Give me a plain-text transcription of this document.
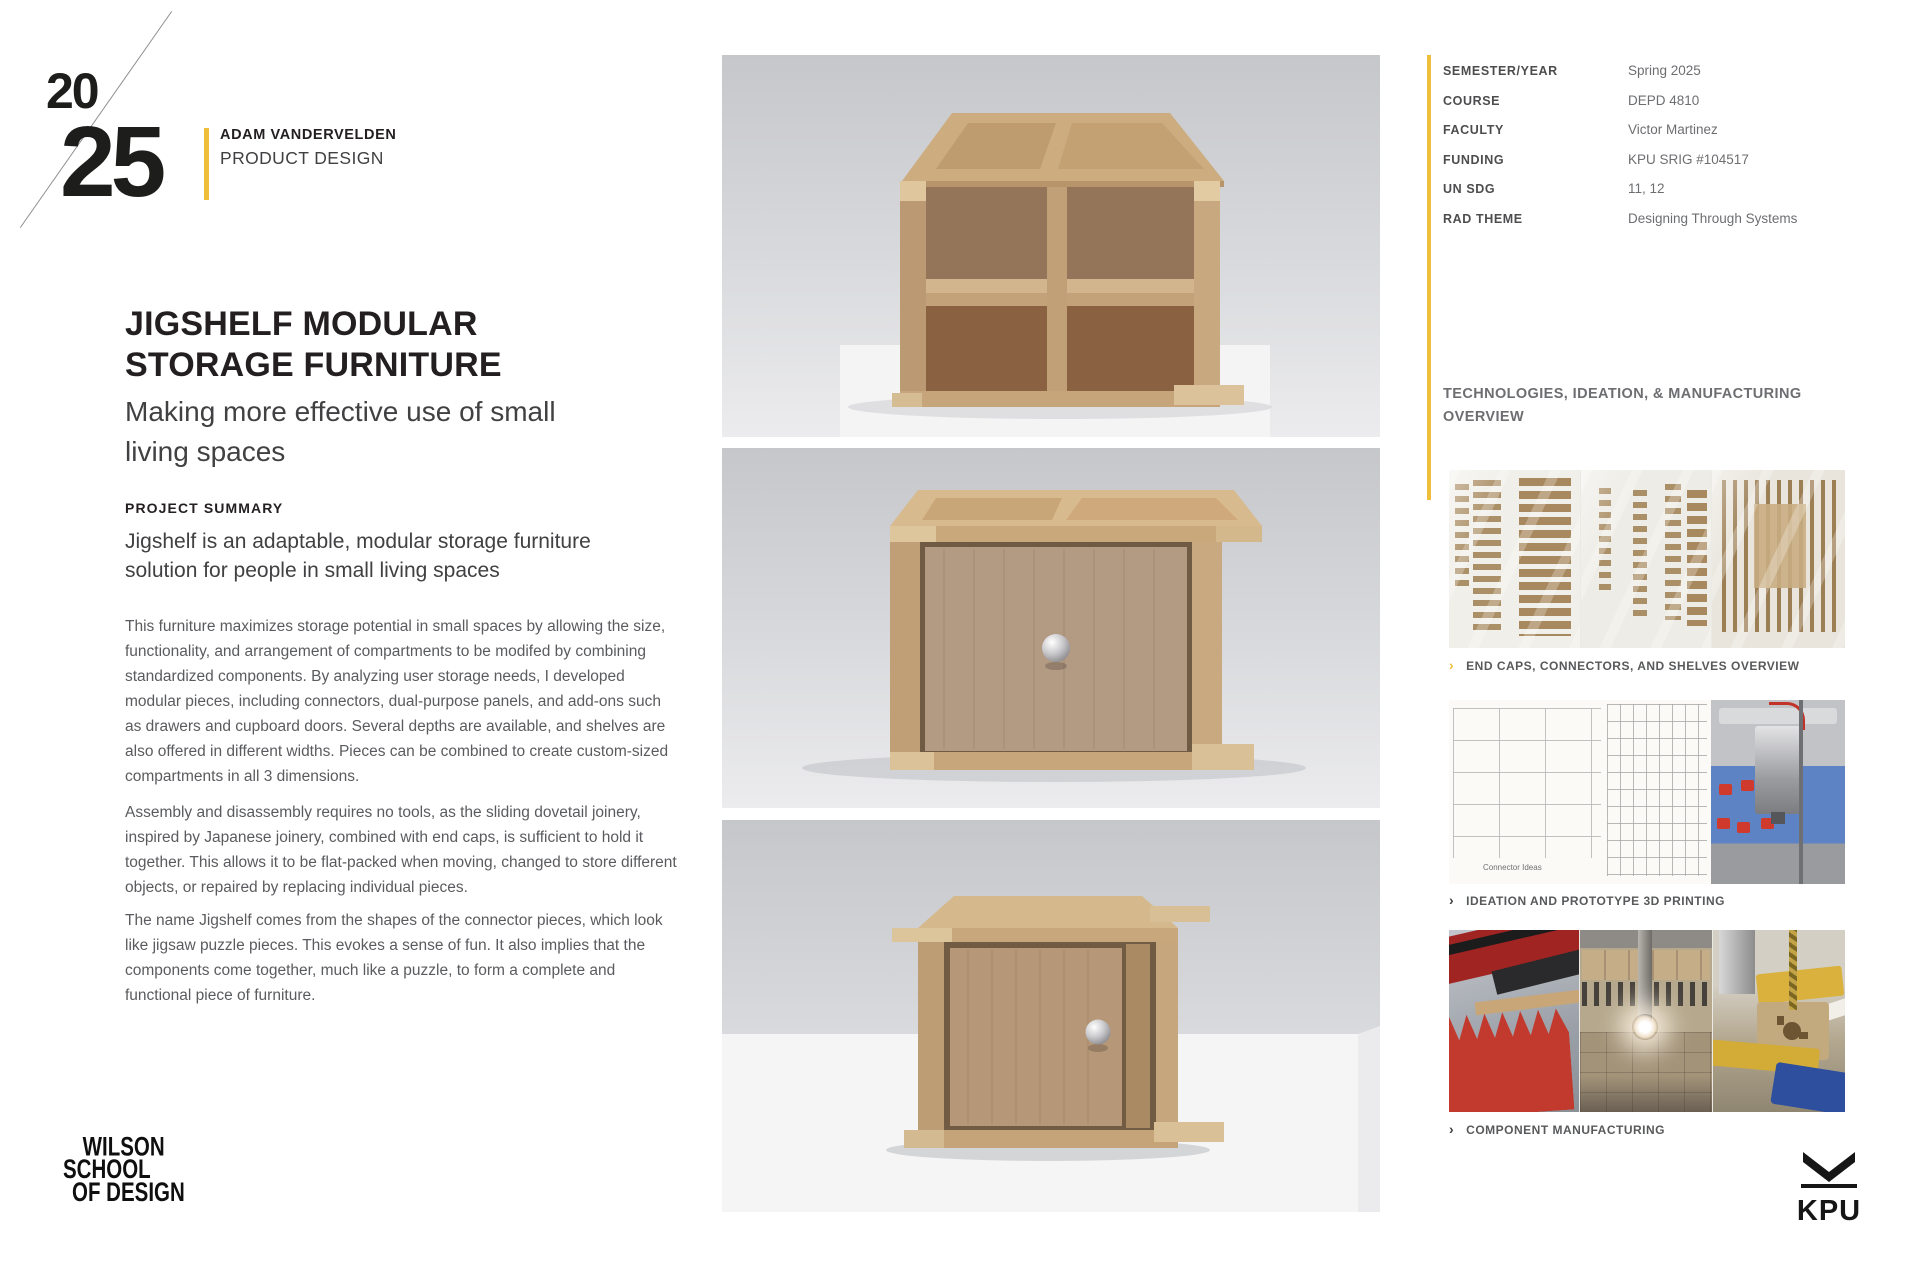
20
25	ADAM VANDERVELDEN
PRODUCT DESIGN
JIGSHELF MODULAR
STORAGE FURNITURE
Making more effective use of small living spaces
PROJECT SUMMARY
Jigshelf is an adaptable, modular storage furniture solution for people in small living spaces

This furniture maximizes storage potential in small spaces by allowing the size, functionality, and arrangement of compartments to be modifed by combining standardized components. By analyzing user storage needs, I developed modular pieces, including connectors, dual-purpose panels, and add-ons such as drawers and cupboard doors. Several depths are available, and shelves are also offered in different widths. Pieces can be combined to create custom-sized compartments in all 3 dimensions.

Assembly and disassembly requires no tools, as the sliding dovetail joinery, inspired by Japanese joinery, combined with end caps, is sufficient to hold it together. This allows it to be flat-packed when moving, changed to store different objects, or repaired by replacing individual pieces.

The name Jigshelf comes from the shapes of the connector pieces, which look like jigsaw puzzle pieces. This evokes a sense of fun. It also implies that the components come together, much like a puzzle, to form a complete and functional piece of furniture.

SEMESTER/YEAR	Spring 2025
COURSE	DEPD 4810
FACULTY	Victor Martinez
FUNDING	KPU SRIG #104517
UN SDG	11, 12
RAD THEME	Designing Through Systems
TECHNOLOGIES, IDEATION, & MANUFACTURING OVERVIEW
› END CAPS, CONNECTORS, AND SHELVES OVERVIEW
Connector Ideas
› IDEATION AND PROTOTYPE 3D PRINTING
› COMPONENT MANUFACTURING
WILSON
SCHOOL
OF DESIGN
KPU
